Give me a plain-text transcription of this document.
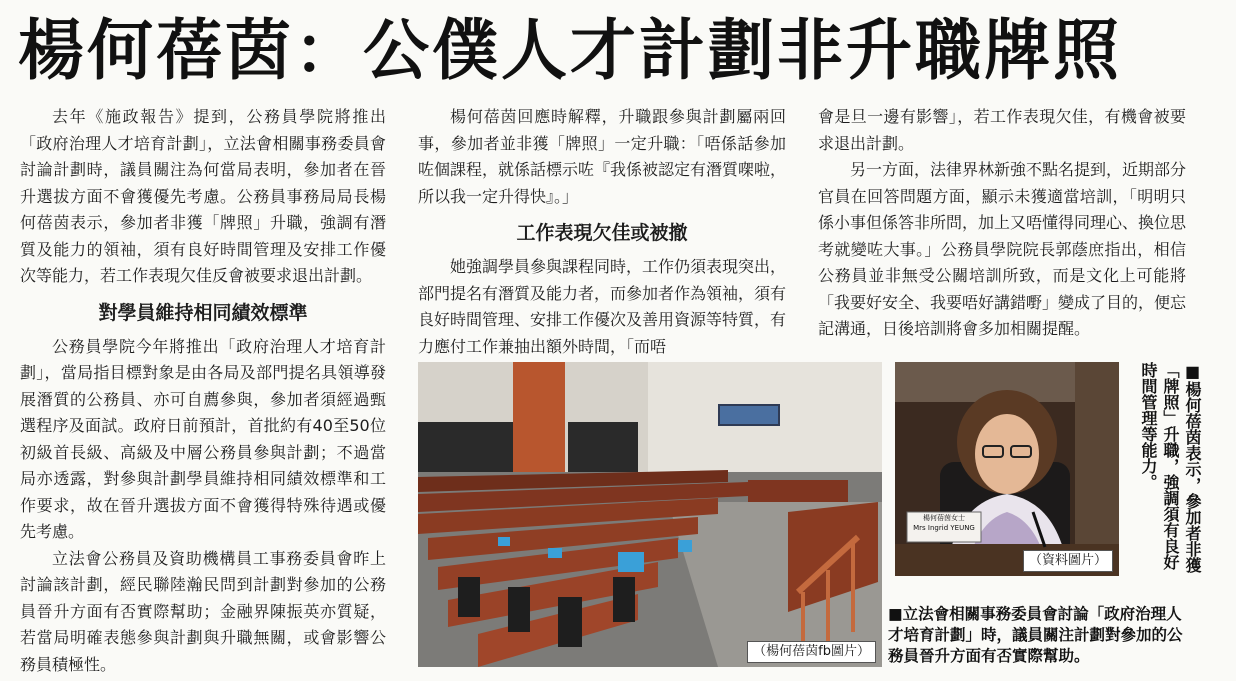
楊何蓓茵：公僕人才計劃非升職牌照

去年《施政報告》提到，公務員學院將推出「政府治理人才培育計劃」，立法會相關事務委員會討論計劃時，議員關注為何當局表明，參加者在晉升選拔方面不會獲優先考慮。公務員事務局局長楊何蓓茵表示，參加者非獲「牌照」升職，強調有潛質及能力的領袖，須有良好時間管理及安排工作優次等能力，若工作表現欠佳反會被要求退出計劃。

對學員維持相同績效標準

公務員學院今年將推出「政府治理人才培育計劃」，當局指目標對象是由各局及部門提名具領導發展潛質的公務員、亦可自薦參與，參加者須經過甄選程序及面試。政府日前預計，首批約有40至50位初級首長級、高級及中層公務員參與計劃；不過當局亦透露，對參與計劃學員維持相同績效標準和工作要求，故在晉升選拔方面不會獲得特殊待遇或優先考慮。

立法會公務員及資助機構員工事務委員會昨上討論該計劃，經民聯陸瀚民問到計劃對參加的公務員晉升方面有否實際幫助；金融界陳振英亦質疑，若當局明確表態參與計劃與升職無關，或會影響公務員積極性。

楊何蓓茵回應時解釋，升職跟參與計劃屬兩回事，參加者並非獲「牌照」一定升職：「唔係話參加咗個課程，就係話標示咗『我係被認定有潛質㗎啦，所以我一定升得快』。」

工作表現欠佳或被撤

她強調學員參與課程同時，工作仍須表現突出，部門提名有潛質及能力者，而參加者作為領袖，須有良好時間管理、安排工作優次及善用資源等特質，有力應付工作兼抽出額外時間，「而唔

會是旦一邊有影響」，若工作表現欠佳，有機會被要求退出計劃。

另一方面，法律界林新強不點名提到，近期部分官員在回答問題方面，顯示未獲適當培訓，「明明只係小事但係答非所問，加上又唔懂得同理心、換位思考就變咗大事。」公務員學院院長郭蔭庶指出，相信公務員並非無受公關培訓所致，而是文化上可能將「我要好安全、我要唔好講錯嘢」變成了目的，便忘記溝通，日後培訓將會多加相關提醒。

（楊何蓓茵fb圖片）
楊何蓓茵女士
Mrs Ingrid YEUNG
（資料圖片）	■楊何蓓茵表示，參加者非獲「牌照」升職，強調須有良好時間管理等能力。
■立法會相關事務委員會討論「政府治理人才培育計劃」時，議員關注計劃對參加的公務員晉升方面有否實際幫助。
